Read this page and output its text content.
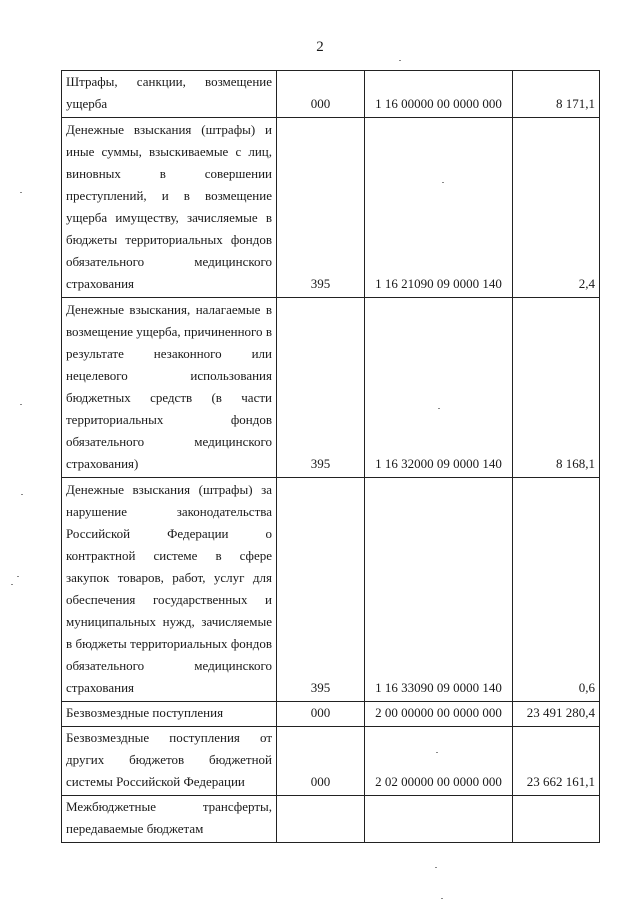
2
Штрафы, санкции, возмещение ущерба	000	1 16 00000 00 0000 000	8 171,1

Денежные взыскания (штрафы) и иные суммы, взыскиваемые с лиц, виновных в совершении преступлений, и в возмещение ущерба имуществу, зачисляемые в бюджеты территориальных фондов обязательного медицинского страхования	395	1 16 21090 09 0000 140	2,4

Денежные взыскания, налагаемые в возмещение ущерба, причиненного в результате незаконного или нецелевого использования бюджетных средств (в части территориальных фондов обязательного медицинского страхования)	395	1 16 32000 09 0000 140	8 168,1

Денежные взыскания (штрафы) за нарушение законодательства Российской Федерации о контрактной системе в сфере закупок товаров, работ, услуг для обеспечения государственных и муниципальных нужд, зачисляемые в бюджеты территориальных фондов обязательного медицинского страхования	395	1 16 33090 09 0000 140	0,6

Безвозмездные поступления	000	2 00 00000 00 0000 000	23 491 280,4

Безвозмездные поступления от других бюджетов бюджетной системы Российской Федерации	000	2 02 00000 00 0000 000	23 662 161,1

Межбюджетные трансферты, передаваемые бюджетам			
